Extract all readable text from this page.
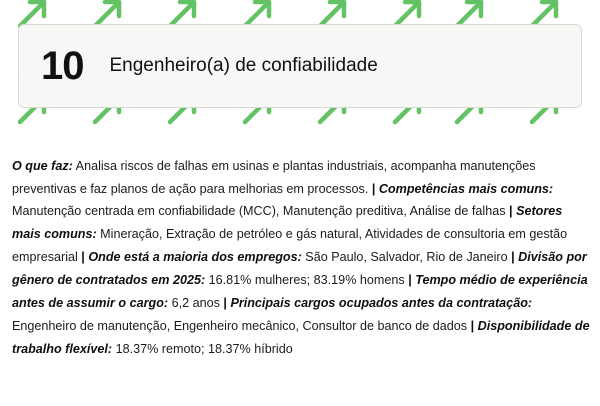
10 Engenheiro(a) de confiabilidade

O que faz: Analisa riscos de falhas em usinas e plantas industriais, acompanha manutenções preventivas e faz planos de ação para melhorias em processos. | Competências mais comuns: Manutenção centrada em confiabilidade (MCC), Manutenção preditiva, Análise de falhas | Setores mais comuns: Mineração, Extração de petróleo e gás natural, Atividades de consultoria em gestão empresarial | Onde está a maioria dos empregos: São Paulo, Salvador, Rio de Janeiro | Divisão por gênero de contratados em 2025: 16.81% mulheres; 83.19% homens | Tempo médio de experiência antes de assumir o cargo: 6,2 anos | Principais cargos ocupados antes da contratação: Engenheiro de manutenção, Engenheiro mecânico, Consultor de banco de dados | Disponibilidade de trabalho flexível: 18.37% remoto; 18.37% híbrido
